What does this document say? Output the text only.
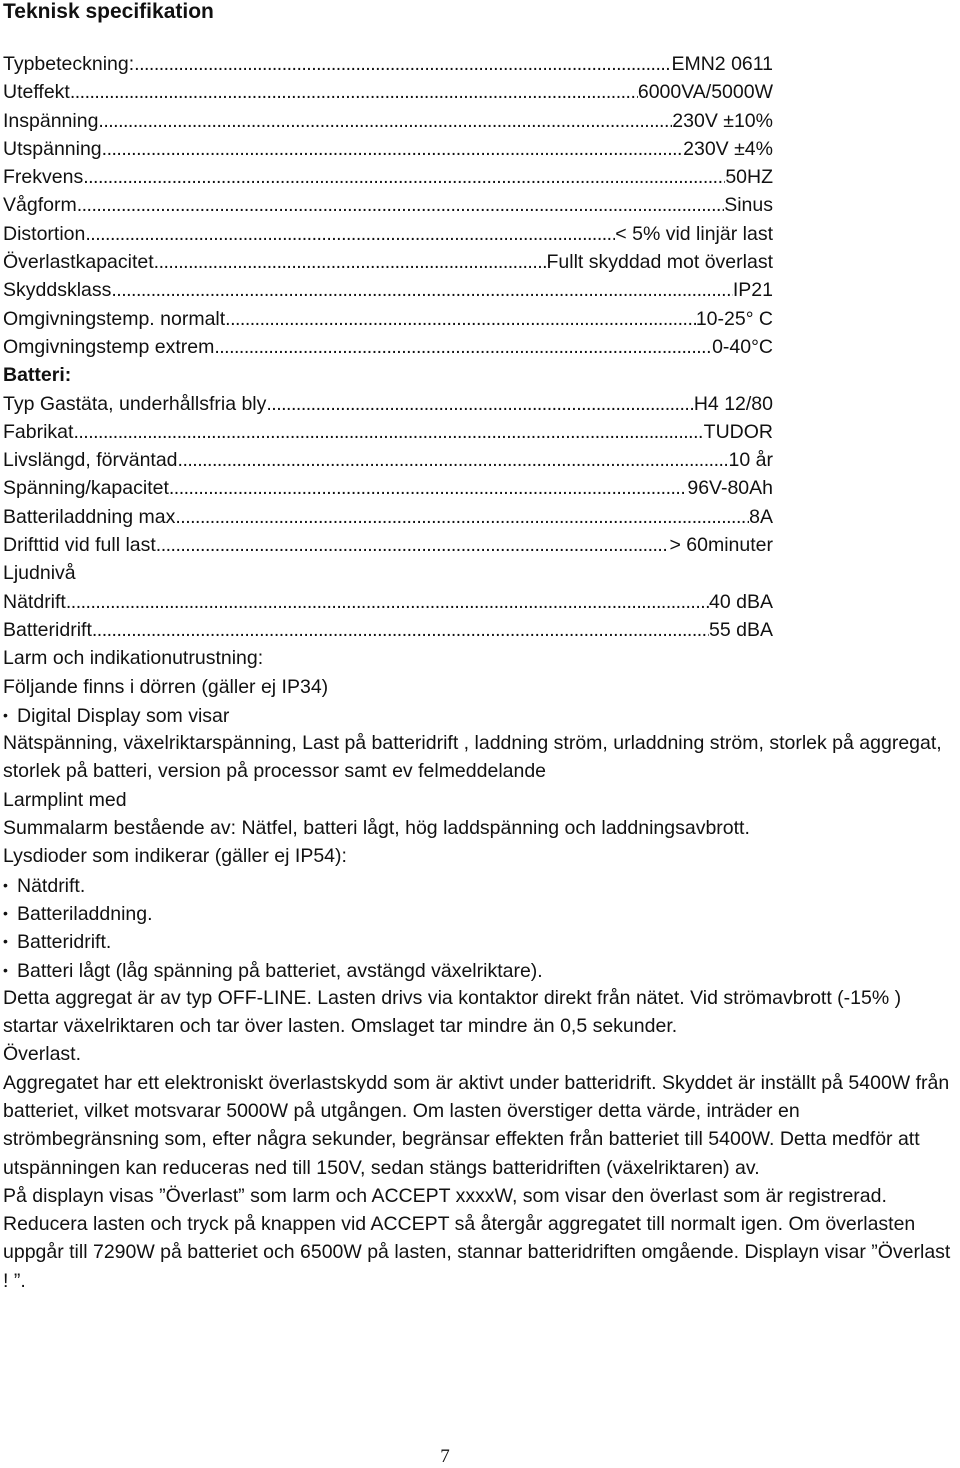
Teknisk specifikation
Typbeteckning: .....	EMN2 0611
Uteffekt .....	6000VA/5000W
Inspänning .....	230V ±10%
Utspänning .....	230V ±4%
Frekvens .....	50HZ
Vågform .....	Sinus
Distortion .....	< 5% vid linjär last
Överlastkapacitet .....	Fullt skyddad mot överlast
Skyddsklass .....	IP21
Omgivningstemp. normalt .....	10-25° C
Omgivningstemp extrem .....	0-40°C
Batteri:
Typ Gastäta, underhållsfria bly .....	H4 12/80
Fabrikat .....	TUDOR
Livslängd, förväntad .....	10 år
Spänning/kapacitet .....	96V-80Ah
Batteriladdning max .....	8A
Drifttid vid full last .....	> 60minuter
Ljudnivå
Nätdrift .....	40 dBA
Batteridrift .....	55 dBA
Larm och indikationutrustning:
Följande finns i dörren (gäller ej IP34)
• Digital Display som visar
Nätspänning, växelriktarspänning, Last på batteridrift , laddning ström, urladdning ström, storlek på aggregat, storlek på batteri, version på processor samt ev felmeddelande
Larmplint med
Summalarm bestående av: Nätfel, batteri lågt, hög laddspänning och laddningsavbrott.
Lysdioder som indikerar (gäller ej IP54):
• Nätdrift.
• Batteriladdning.
• Batteridrift.
• Batteri lågt (låg spänning på batteriet, avstängd växelriktare).
Detta aggregat är av typ OFF-LINE. Lasten drivs via kontaktor direkt från nätet. Vid strömavbrott (-15% ) startar växelriktaren och tar över lasten. Omslaget tar mindre än 0,5 sekunder.
Överlast.
Aggregatet har ett elektroniskt överlastskydd som är aktivt under batteridrift. Skyddet är inställt på 5400W från batteriet, vilket motsvarar 5000W på utgången. Om lasten överstiger detta värde, inträder en strömbegränsning som, efter några sekunder, begränsar effekten från batteriet till 5400W. Detta medför att utspänningen kan reduceras ned till 150V, sedan stängs batteridriften (växelriktaren) av.
På displayn visas ”Överlast” som larm och ACCEPT xxxxW, som visar den överlast som är registrerad. Reducera lasten och tryck på knappen vid ACCEPT så återgår aggregatet till normalt igen. Om överlasten uppgår till 7290W på batteriet och 6500W på lasten, stannar batteridriften omgående. Displayn visar ”Överlast ! ”.
7
